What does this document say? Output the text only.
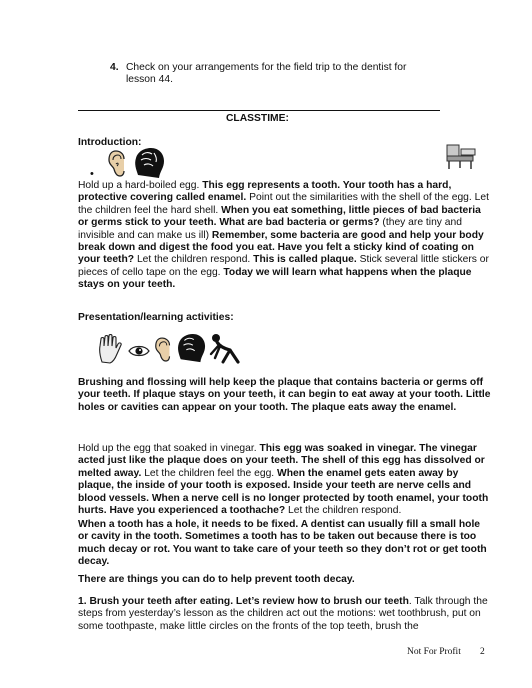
4. Check on your arrangements for the field trip to the dentist for lesson 44.
CLASSTIME:
Introduction:
•

Hold up a hard-boiled egg. This egg represents a tooth. Your tooth has a hard, protective covering called enamel. Point out the similarities with the shell of the egg. Let the children feel the hard shell. When you eat something, little pieces of bad bacteria or germs stick to your teeth. What are bad bacteria or germs? (they are tiny and invisible and can make us ill) Remember, some bacteria are good and help your body break down and digest the food you eat. Have you felt a sticky kind of coating on your teeth? Let the children respond. This is called plaque. Stick several little stickers or pieces of cello tape on the egg. Today we will learn what happens when the plaque stays on your teeth.

Presentation/learning activities:

Brushing and flossing will help keep the plaque that contains bacteria or germs off your teeth. If plaque stays on your teeth, it can begin to eat away at your tooth. Little holes or cavities can appear on your tooth. The plaque eats away the enamel.

Hold up the egg that soaked in vinegar. This egg was soaked in vinegar. The vinegar acted just like the plaque does on your teeth. The shell of this egg has dissolved or melted away. Let the children feel the egg. When the enamel gets eaten away by plaque, the inside of your tooth is exposed. Inside your teeth are nerve cells and blood vessels. When a nerve cell is no longer protected by tooth enamel, your tooth hurts. Have you experienced a toothache? Let the children respond.

When a tooth has a hole, it needs to be fixed. A dentist can usually fill a small hole or cavity in the tooth. Sometimes a tooth has to be taken out because there is too much decay or rot. You want to take care of your teeth so they don’t rot or get tooth decay.

There are things you can do to help prevent tooth decay.

1. Brush your teeth after eating. Let’s review how to brush our teeth. Talk through the steps from yesterday’s lesson as the children act out the motions: wet toothbrush, put on some toothpaste, make little circles on the fronts of the top teeth, brush the

Not For Profit 2
